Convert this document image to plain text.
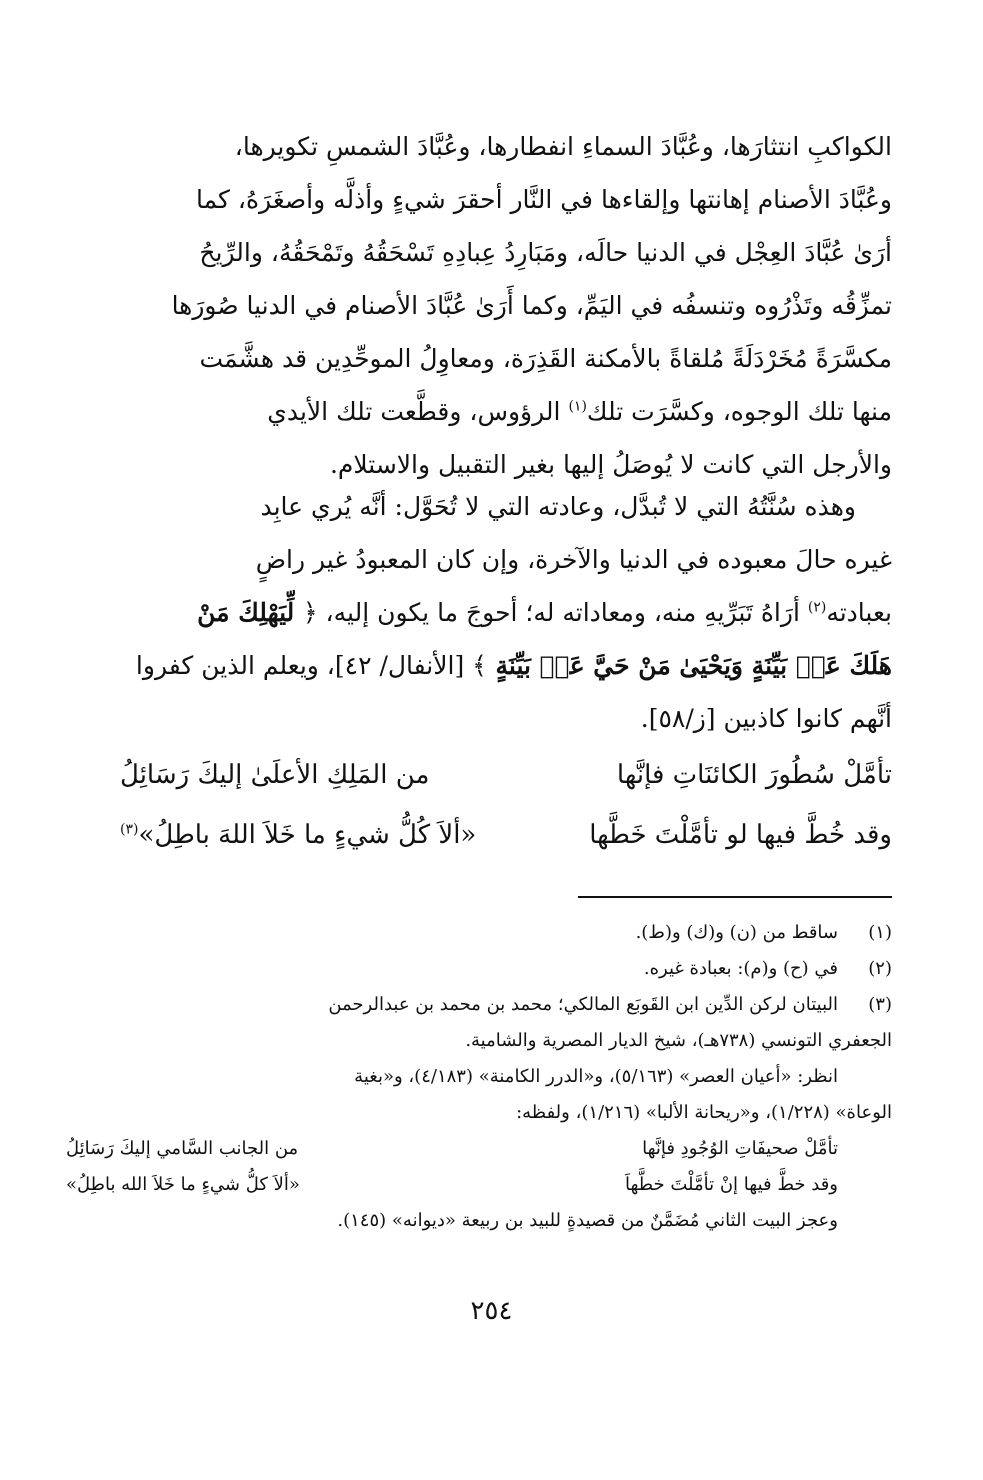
الكواكبِ انتثارَها، وعُبَّادَ السماءِ انفطارها، وعُبَّادَ الشمسِ تكويرها،
وعُبَّادَ الأصنام إهانتها وإلقاءها في النَّار أحقرَ شيءٍ وأذلَّه وأصغَرَهُ، كما
أرَىٰ عُبَّادَ العِجْل في الدنيا حالَه، ومَبَارِدُ عِبادِهِ تَسْحَقُهُ وتَمْحَقُهُ، والرِّيحُ
تمزِّقُه وتَذْرُوه وتنسفُه في اليَمِّ، وكما أَرَىٰ عُبَّادَ الأصنام في الدنيا صُورَها
مكسَّرَةً مُخَرْدَلَةً مُلقاةً بالأمكنة القَذِرَة، ومعاوِلُ الموحِّدِين قد هشَّمَت
منها تلك الوجوه، وكسَّرَت تلك$^{(١)}$ الرؤوس، وقطَّعت تلك الأيدي
والأرجل التي كانت لا يُوصَلُ إليها بغير التقبيل والاستلام.
وهذه سُنَّتُهُ التي لا تُبدَّل، وعادته التي لا تُحَوَّل: أنَّه يُري عابِد
غيره حالَ معبوده في الدنيا والآخرة، وإن كان المعبودُ غير راضٍ
بعبادته$^{(٢)}$ أرَاهُ تَبَرِّيهِ منه، ومعاداته له؛ أحوجَ ما يكون إليه، ﴿ لِّيَهْلِكَ مَنْ
هَلَكَ عَنۢ بَيِّنَةٍ وَيَحْيَىٰ مَنْ حَيَّ عَنۢ بَيِّنَةٍ ﴾ [الأنفال/ ٤٢]، ويعلم الذين كفروا
أنَّهم كانوا كاذبين [ز/٥٨].
تأمَّلْ سُطُورَ الكائنَاتِ فإنَّها
من المَلِكِ الأعلَىٰ إليكَ رَسَائِلُ
وقد خُطَّ فيها لو تأمَّلْتَ خَطَّها
«ألاَ كُلُّ شيءٍ ما خَلاَ اللهَ باطِلُ»$^{(٣)}$
(١)
ساقط من (ن) و(ك) و(ط).
(٢)
في (ح) و(م): بعبادة غيره.
(٣)
البيتان لركن الدِّين ابن القَوبَع المالكي؛ محمد بن محمد بن عبدالرحمن
الجعفري التونسي (٧٣٨هـ)، شيخ الديار المصرية والشامية.
انظر: «أعيان العصر» (٥/١٦٣)، و«الدرر الكامنة» (٤/١٨٣)، و«بغية
الوعاة» (١/٢٢٨)، و«ريحانة الألبا» (١/٢١٦)، ولفظه:
تأمَّلْ صحيفَاتِ الوُجُودِ فإنَّها
من الجانب السَّامي إليكَ رَسَائِلُ
وقد خطَّ فيها إنْ تأمَّلْتَ خطَّهاَ
«ألاَ كلُّ شيءٍ ما خَلاَ الله باطِلُ»
وعجز البيت الثاني مُضَمَّنٌ من قصيدةٍ للبيد بن ربيعة «ديوانه» (١٤٥).
٢٥٤
